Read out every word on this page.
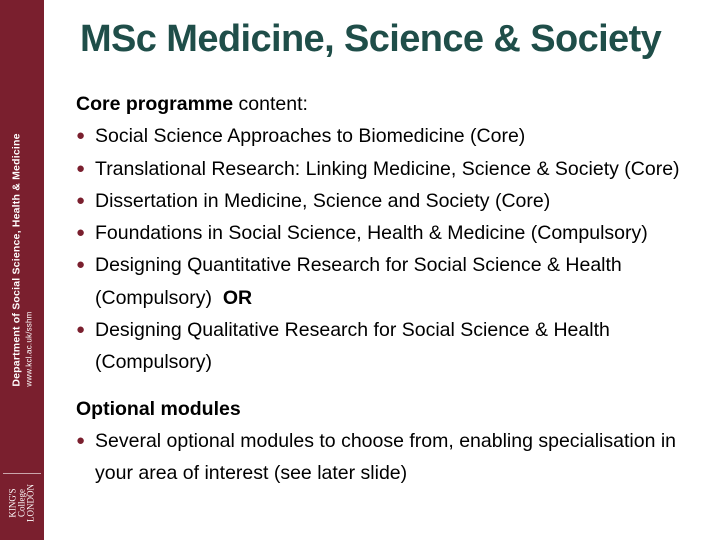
Department of Social Science, Health & Medicine www.kcl.ac.uk/sshm
KING'S College LONDON
MSc Medicine, Science & Society

Core programme content:

● Social Science Approaches to Biomedicine (Core)
● Translational Research: Linking Medicine, Science & Society (Core)
● Dissertation in Medicine, Science and Society (Core)
● Foundations in Social Science, Health & Medicine (Compulsory)
● Designing Quantitative Research for Social Science & Health (Compulsory) OR
● Designing Qualitative Research for Social Science & Health (Compulsory)

Optional modules

● Several optional modules to choose from, enabling specialisation in your area of interest (see later slide)
